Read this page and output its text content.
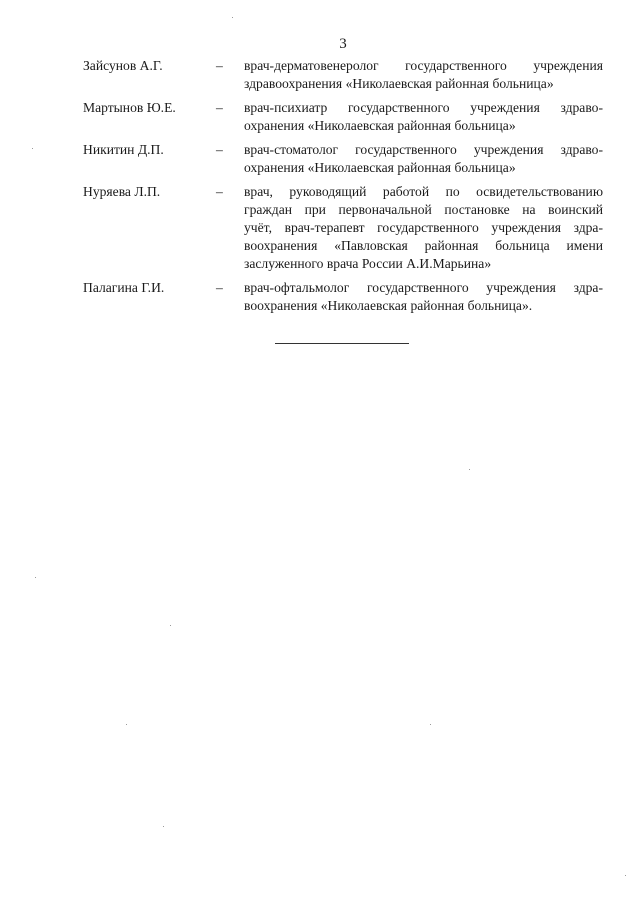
3
Зайсунов А.Г.	–	врач-дерматовенеролог государственного учреждения
здравоохранения «Николаевская районная больница»
Мартынов Ю.Е.	–	врач-психиатр государственного учреждения здраво-
охранения «Николаевская районная больница»
Никитин Д.П.	–	врач-стоматолог государственного учреждения здраво-
охранения «Николаевская районная больница»
Нуряева Л.П.	–	врач, руководящий работой по освидетельствованию
граждан при первоначальной постановке на воинский
учёт, врач-терапевт государственного учреждения здра-
воохранения «Павловская районная больница имени
заслуженного врача России А.И.Марьина»
Палагина Г.И.	–	врач-офтальмолог государственного учреждения здра-
воохранения «Николаевская районная больница».
